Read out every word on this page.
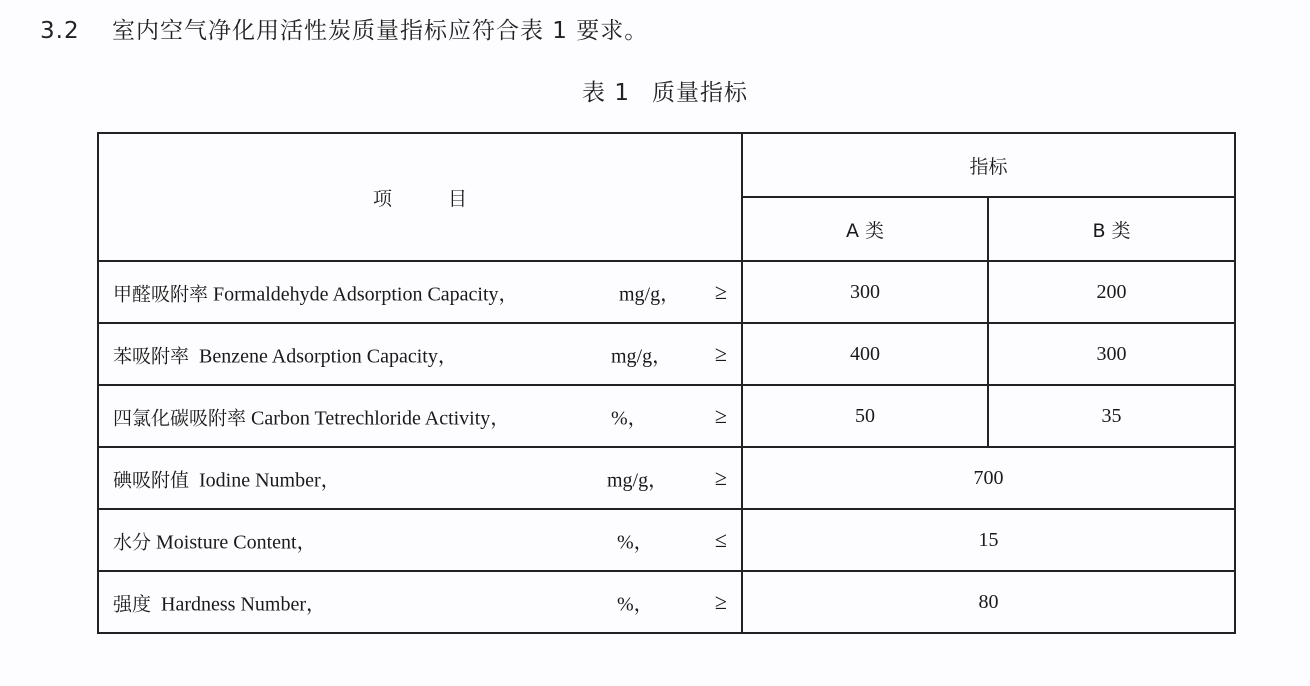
3.2 室内空气净化用活性炭质量指标应符合表 1 要求。
表 1 质量指标
项 目	指标	
	A 类	B 类

甲醛吸附率 Formaldehyde Adsorption Capacity， mg/g， ≥	300	200

苯吸附率 Benzene Adsorption Capacity， mg/g， ≥	400	300

四氯化碳吸附率 Carbon Tetrechloride Activity， %， ≥	50	35

碘吸附值 Iodine Number， mg/g， ≥	700	

水分 Moisture Content， %， ≤	15	

强度 Hardness Number， %， ≥	80	
